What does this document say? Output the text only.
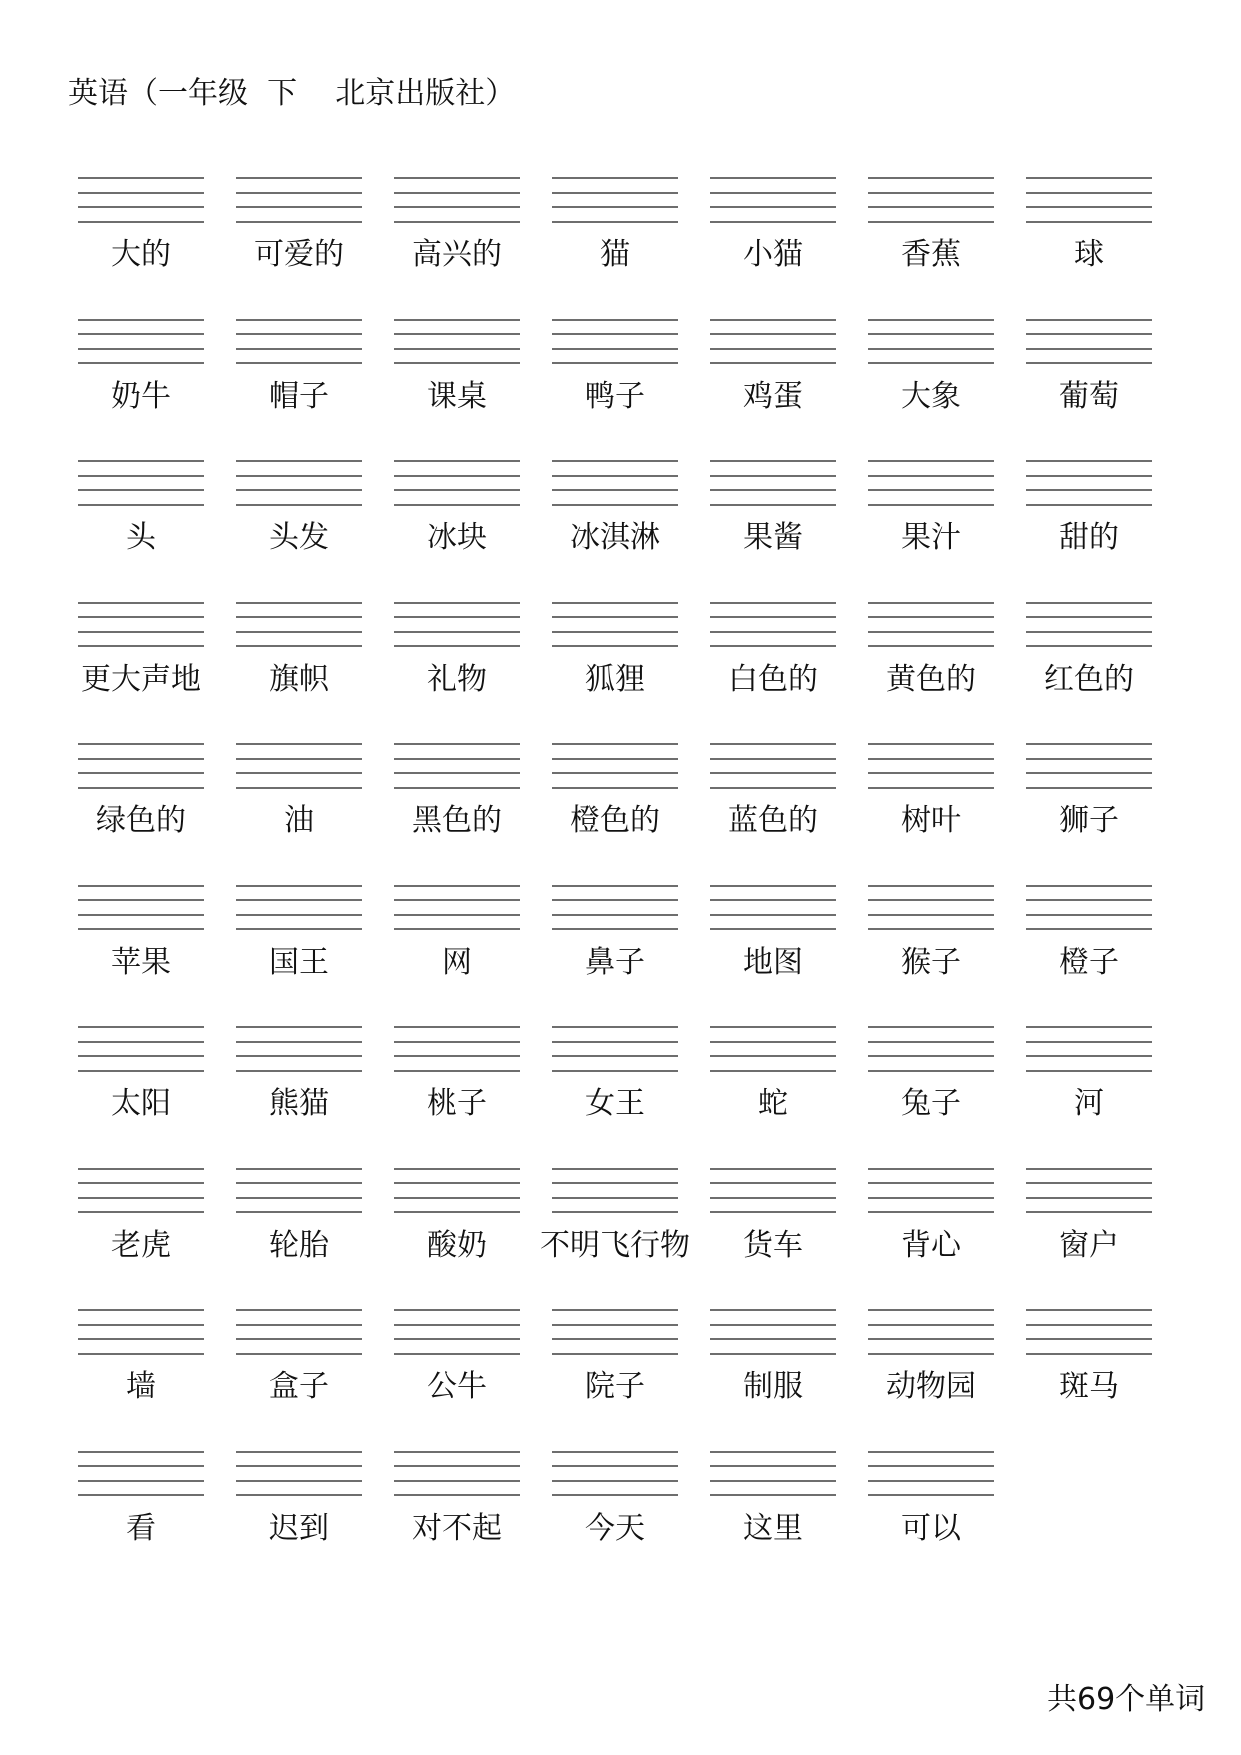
英语（一年级  下    北京出版社）
大的	可爱的	高兴的	猫	小猫	香蕉	球
奶牛	帽子	课桌	鸭子	鸡蛋	大象	葡萄
头	头发	冰块	冰淇淋	果酱	果汁	甜的
更大声地	旗帜	礼物	狐狸	白色的	黄色的	红色的
绿色的	油	黑色的	橙色的	蓝色的	树叶	狮子
苹果	国王	网	鼻子	地图	猴子	橙子
太阳	熊猫	桃子	女王	蛇	兔子	河
老虎	轮胎	酸奶	不明飞行物	货车	背心	窗户
墙	盒子	公牛	院子	制服	动物园	斑马
看	迟到	对不起	今天	这里	可以
共69个单词
